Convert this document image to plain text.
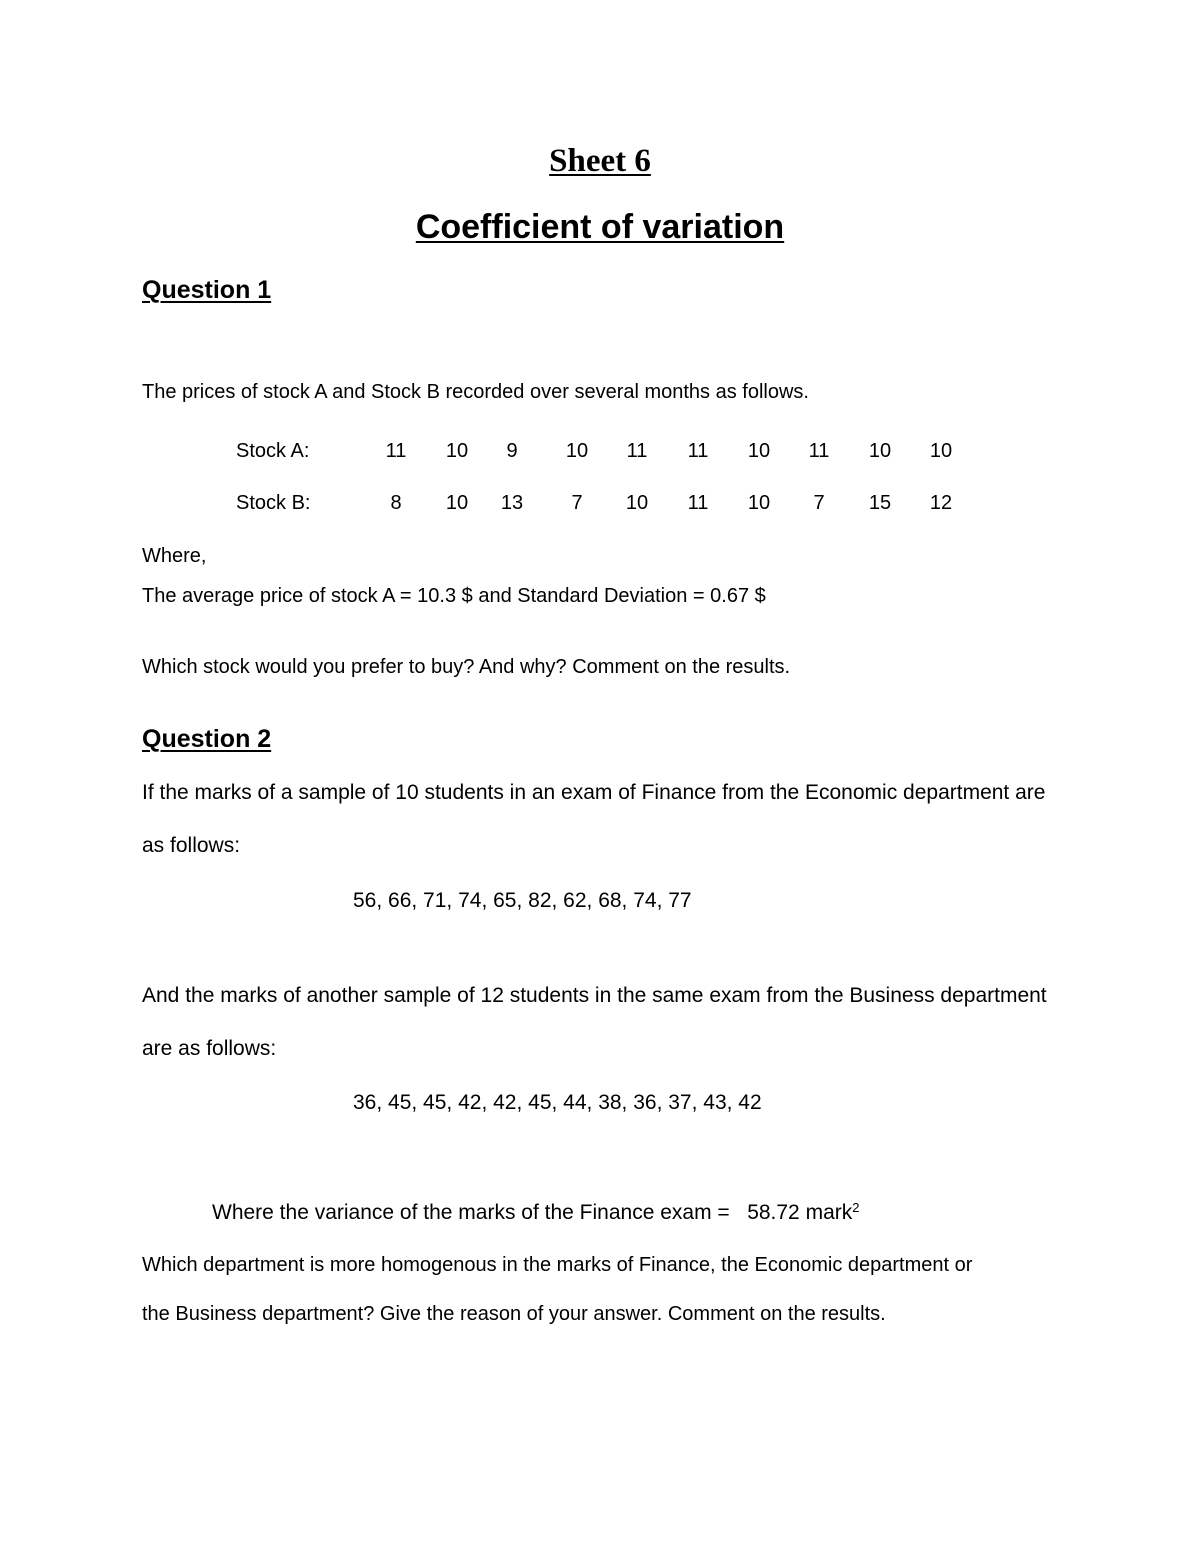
Sheet 6
Coefficient of variation
Question 1
The prices of stock A and Stock B recorded over several months as follows.
Stock A:	11	10	9	10	11	11	10	11	10	10
Stock B:	8	10	13	7	10	11	10	7	15	12
Where,
The average price of stock A = 10.3 $ and Standard Deviation = 0.67 $
Which stock would you prefer to buy? And why? Comment on the results.
Question 2
If the marks of a sample of 10 students in an exam of Finance from the Economic department are
as follows:
56, 66, 71, 74, 65, 82, 62, 68, 74, 77
And the marks of another sample of 12 students in the same exam from the Business department
are as follows:
36, 45, 45, 42, 42, 45, 44, 38, 36, 37, 43, 42
Where the variance of the marks of the Finance exam = 58.72 mark$^2$
Which department is more homogenous in the marks of Finance, the Economic department or
the Business department? Give the reason of your answer. Comment on the results.
